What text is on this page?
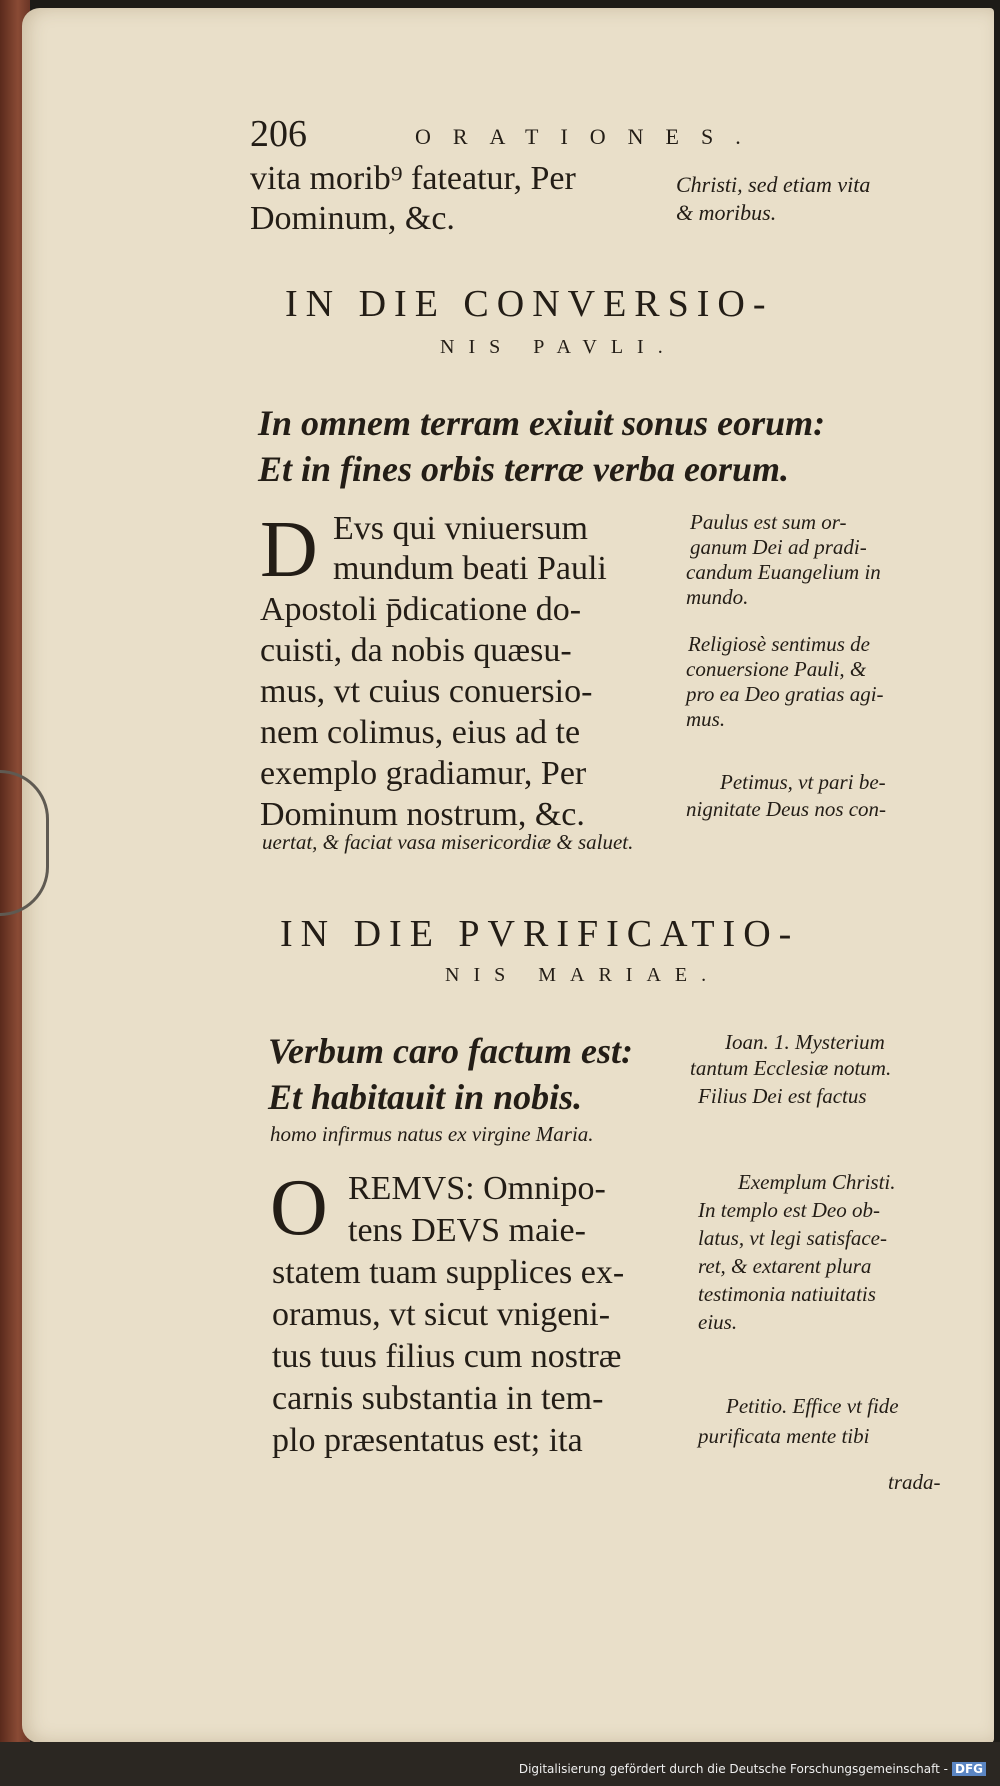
206	ORATIONES.
vita morib⁹ fateatur, Per
Dominum, &c.
Christi, sed etiam vita
& moribus.
IN DIE CONVERSIO-
NIS PAVLI.
In omnem terram exiuit sonus eorum:
Et in fines orbis terræ verba eorum.
D Evs qui vniuersum
mundum beati Pauli
Apostoli p̄dicatione do-
cuisti, da nobis quæsu-
mus, vt cuius conuersio-
nem colimus, eius ad te
exemplo gradiamur, Per
Dominum nostrum, &c.
Paulus est sum or-
ganum Dei ad pradi-
candum Euangelium in
mundo.
Religiosè sentimus de
conuersione Pauli, &
pro ea Deo gratias agi-
mus.
Petimus, vt pari be-
nignitate Deus nos con-
uertat, & faciat vasa misericordiæ & saluet.
IN DIE PVRIFICATIO-
NIS MARIAE.
Verbum caro factum est:
Et habitauit in nobis.
Ioan. 1. Mysterium
tantum Ecclesiæ notum.
Filius Dei est factus
homo infirmus natus ex virgine Maria.
O REMVS: Omnipo-
tens DEVS maie-
statem tuam supplices ex-
oramus, vt sicut vnigeni-
tus tuus filius cum nostræ
carnis substantia in tem-
plo præsentatus est; ita
Exemplum Christi.
In templo est Deo ob-
latus, vt legi satisface-
ret, & extarent plura
testimonia natiuitatis
eius.
Petitio. Effice vt fide
purificata mente tibi
trada-
Digitalisierung gefördert durch die Deutsche Forschungsgemeinschaft - DFG
